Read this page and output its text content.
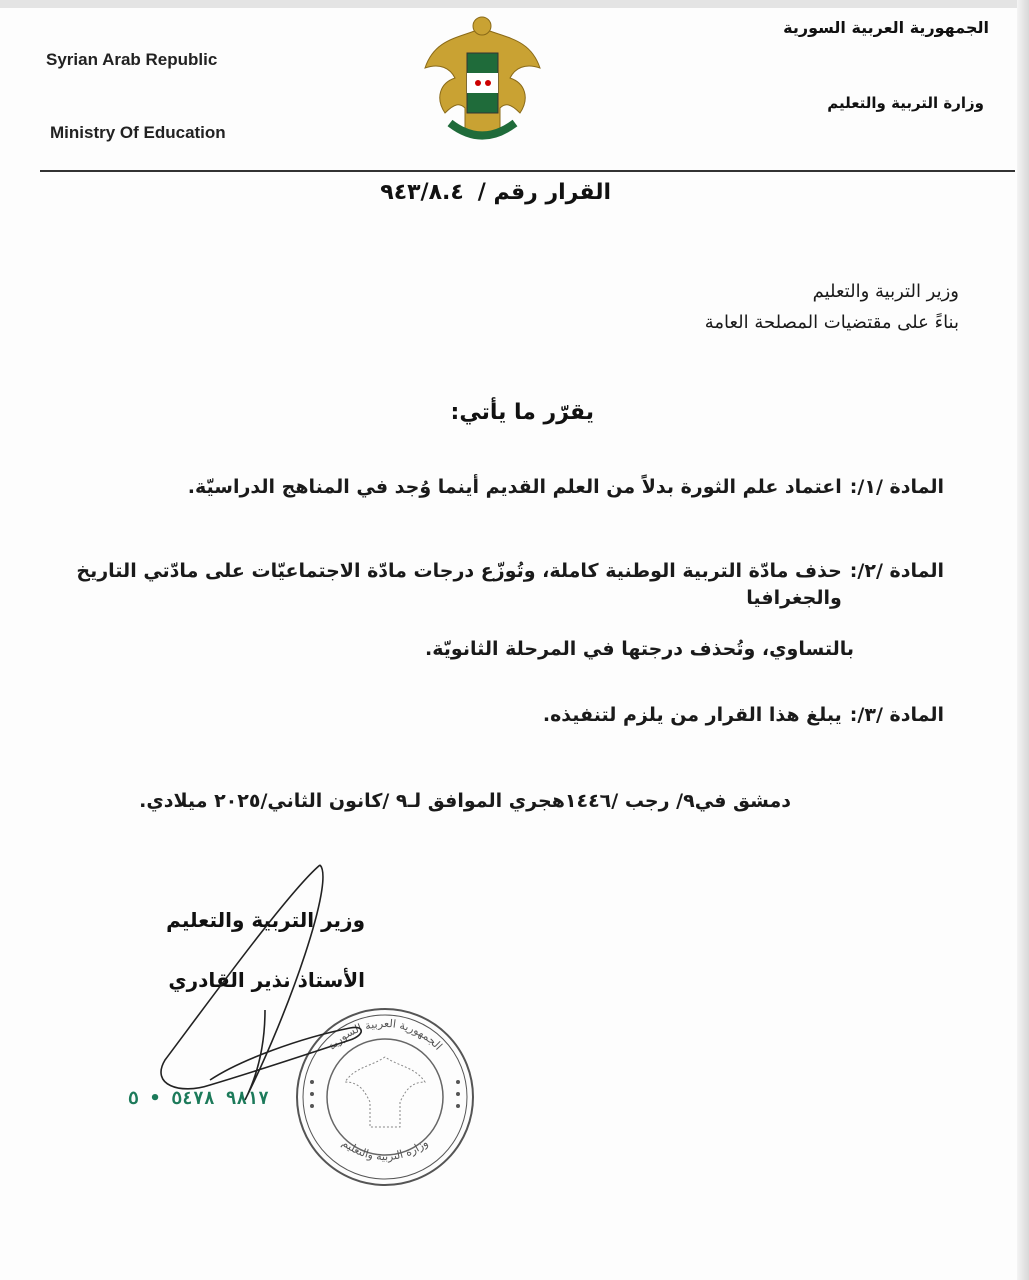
Syrian Arab Republic
Ministry Of Education
الجمهورية العربية السورية
وزارة التربية والتعليم
القرار رقم /
٩٤٣/٨.٤
وزير التربية والتعليم
بناءً على مقتضيات المصلحة العامة
يقرّر ما يأتي:
المادة /١/:
اعتماد علم الثورة بدلاً من العلم القديم أينما وُجد في المناهج الدراسيّة.
المادة /٢/:
حذف مادّة التربية الوطنية كاملة، وتُوزّع درجات مادّة الاجتماعيّات على مادّتي التاريخ والجغرافيا
بالتساوي، وتُحذف درجتها في المرحلة الثانويّة.
المادة /٣/:
يبلغ هذا القرار من يلزم لتنفيذه.
دمشق في٩/ رجب /١٤٤٦هجري الموافق لـ٩ /كانون الثاني/٢٠٢٥ ميلادي.
وزير التربية والتعليم
الأستاذ نذير القادري
الجمهورية العربية السورية
وزارة التربية والتعليم
٩٨١٧ ٥٤٧٨ • ٥
